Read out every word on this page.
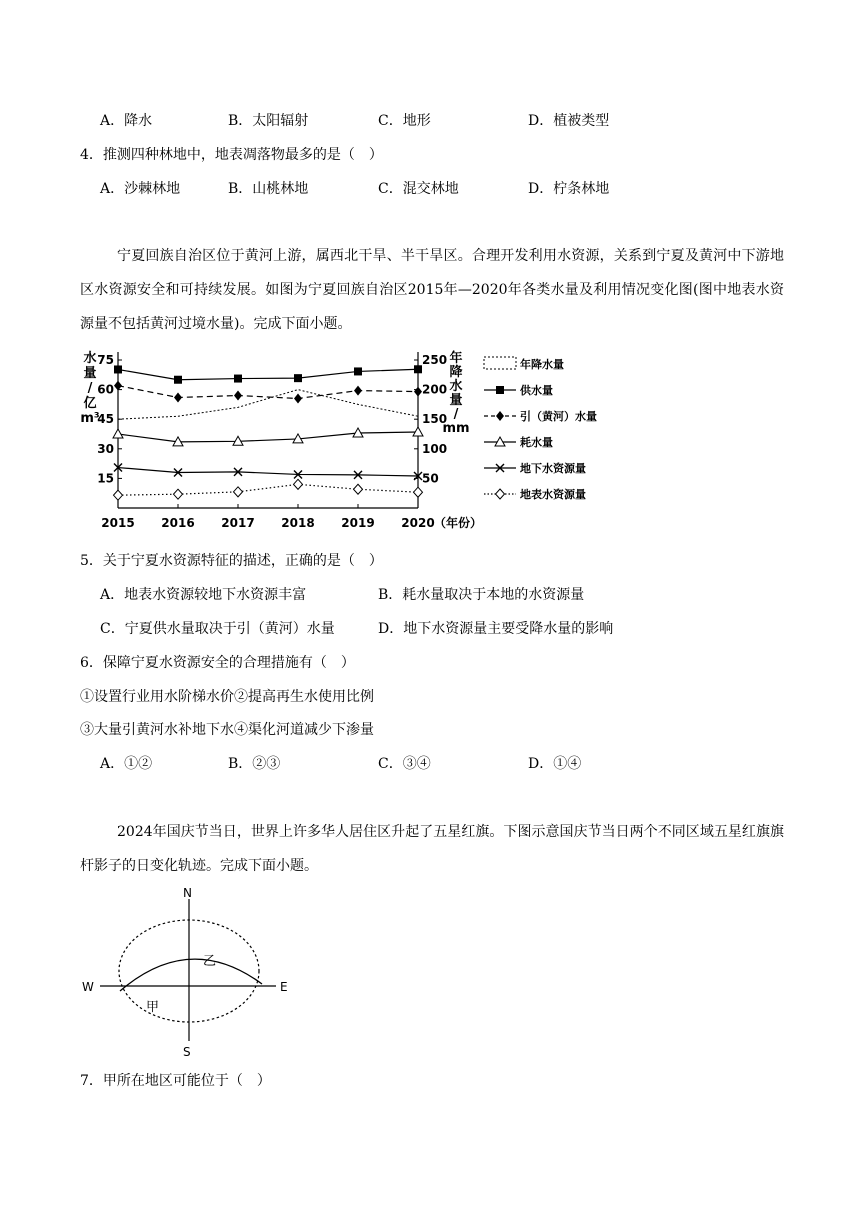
A．降水	B．太阳辐射	C．地形	D．植被类型
4．推测四种林地中，地表凋落物最多的是（　）
A．沙棘林地	B．山桃林地	C．混交林地	D．柠条林地
宁夏回族自治区位于黄河上游，属西北干旱、半干旱区。合理开发利用水资源，关系到宁夏及黄河中下游地区水资源安全和可持续发展。如图为宁夏回族自治区2015年—2020年各类水量及利用情况变化图(图中地表水资源量不包括黄河过境水量)。完成下面小题。
15
30
45
60
75
50
100
150
200
250
2015 2016 2017 2018 2019 2020 （年份）
水量/亿 m³
年降水量/ mm
年降水量
供水量
引（黄河）水量
耗水量
地下水资源量
地表水资源量
5．关于宁夏水资源特征的描述，正确的是（　）
A．地表水资源较地下水资源丰富	B．耗水量取决于本地的水资源量
C．宁夏供水量取决于引（黄河）水量	D．地下水资源量主要受降水量的影响
6．保障宁夏水资源安全的合理措施有（　）
①设置行业用水阶梯水价②提高再生水使用比例
③大量引黄河水补地下水④渠化河道减少下渗量
A．①②	B．②③	C．③④	D．①④
2024年国庆节当日，世界上许多华人居住区升起了五星红旗。下图示意国庆节当日两个不同区域五星红旗旗杆影子的日变化轨迹。完成下面小题。
N
S
W	E
乙
甲
7．甲所在地区可能位于（　）
